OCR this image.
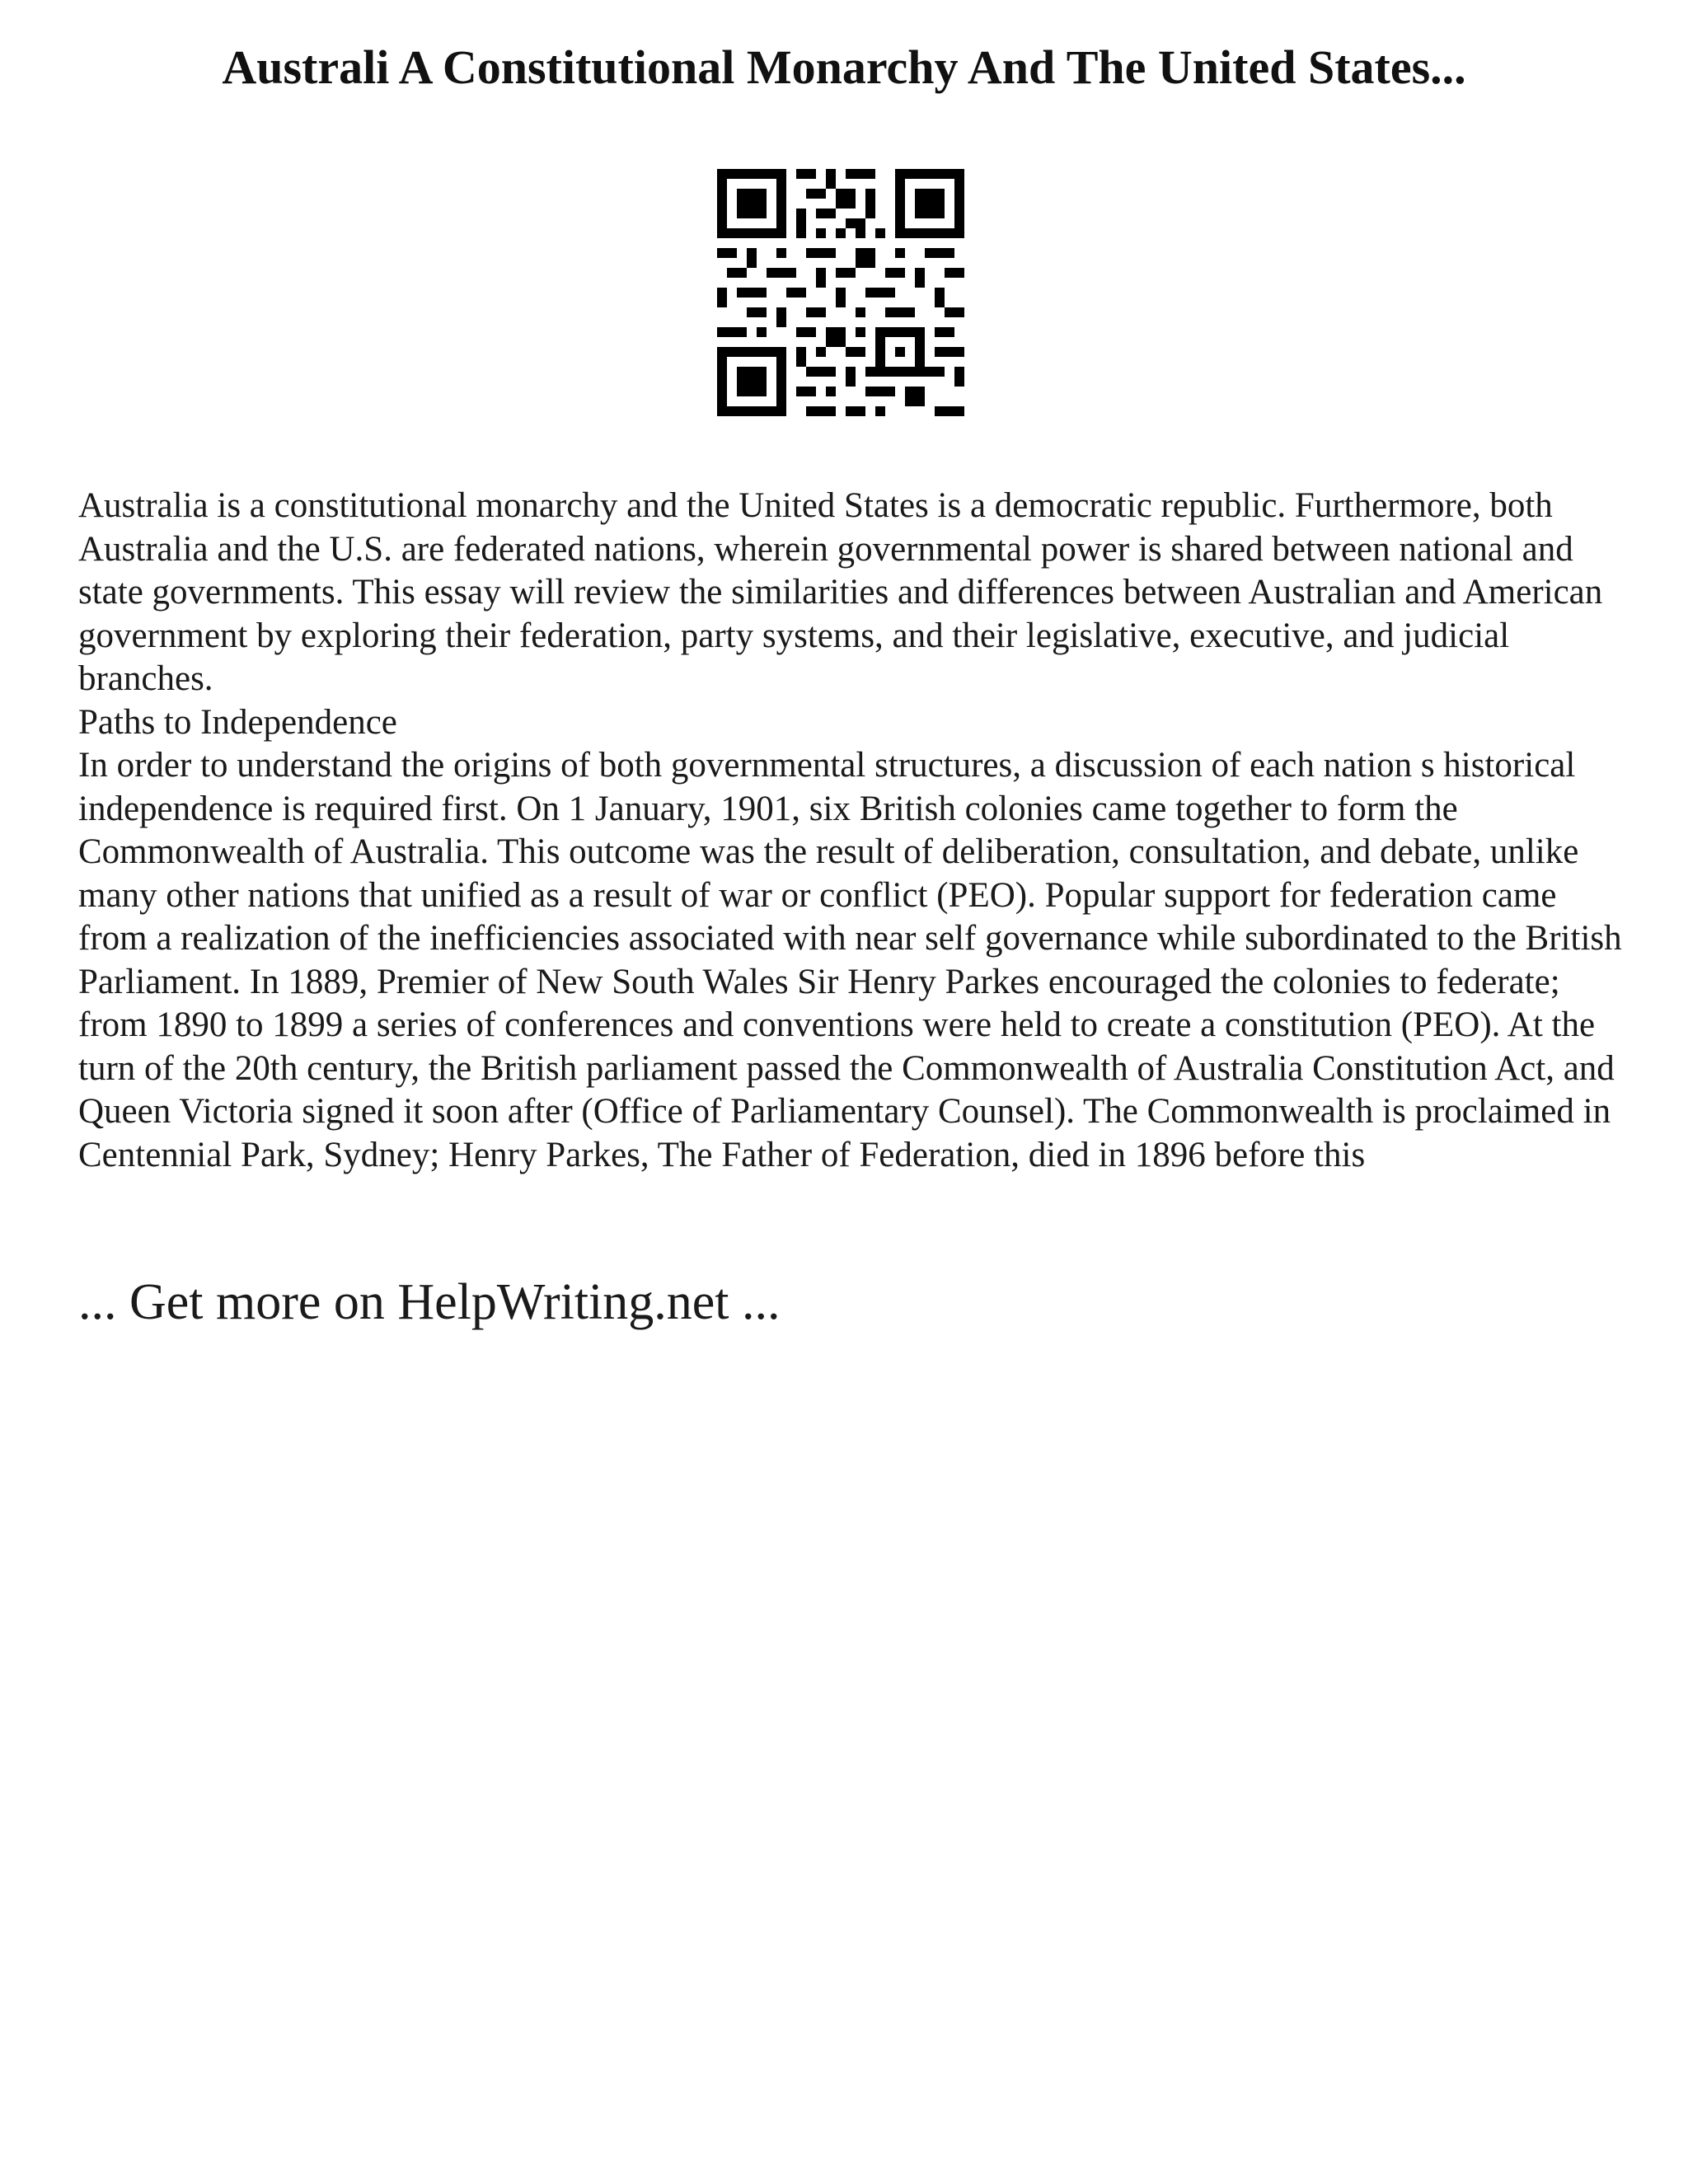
Australi A Constitutional Monarchy And The United States...

Australia is a constitutional monarchy and the United States is a democratic republic. Furthermore, both Australia and the U.S. are federated nations, wherein governmental power is shared between national and state governments. This essay will review the similarities and differences between Australian and American government by exploring their federation, party systems, and their legislative, executive, and judicial branches.

Paths to Independence

In order to understand the origins of both governmental structures, a discussion of each nation s historical independence is required first. On 1 January, 1901, six British colonies came together to form the Commonwealth of Australia. This outcome was the result of deliberation, consultation, and debate, unlike many other nations that unified as a result of war or conflict (PEO). Popular support for federation came from a realization of the inefficiencies associated with near self governance while subordinated to the British Parliament. In 1889, Premier of New South Wales Sir Henry Parkes encouraged the colonies to federate; from 1890 to 1899 a series of conferences and conventions were held to create a constitution (PEO). At the turn of the 20th century, the British parliament passed the Commonwealth of Australia Constitution Act, and Queen Victoria signed it soon after (Office of Parliamentary Counsel). The Commonwealth is proclaimed in Centennial Park, Sydney; Henry Parkes, The Father of Federation, died in 1896 before this

... Get more on HelpWriting.net ...
